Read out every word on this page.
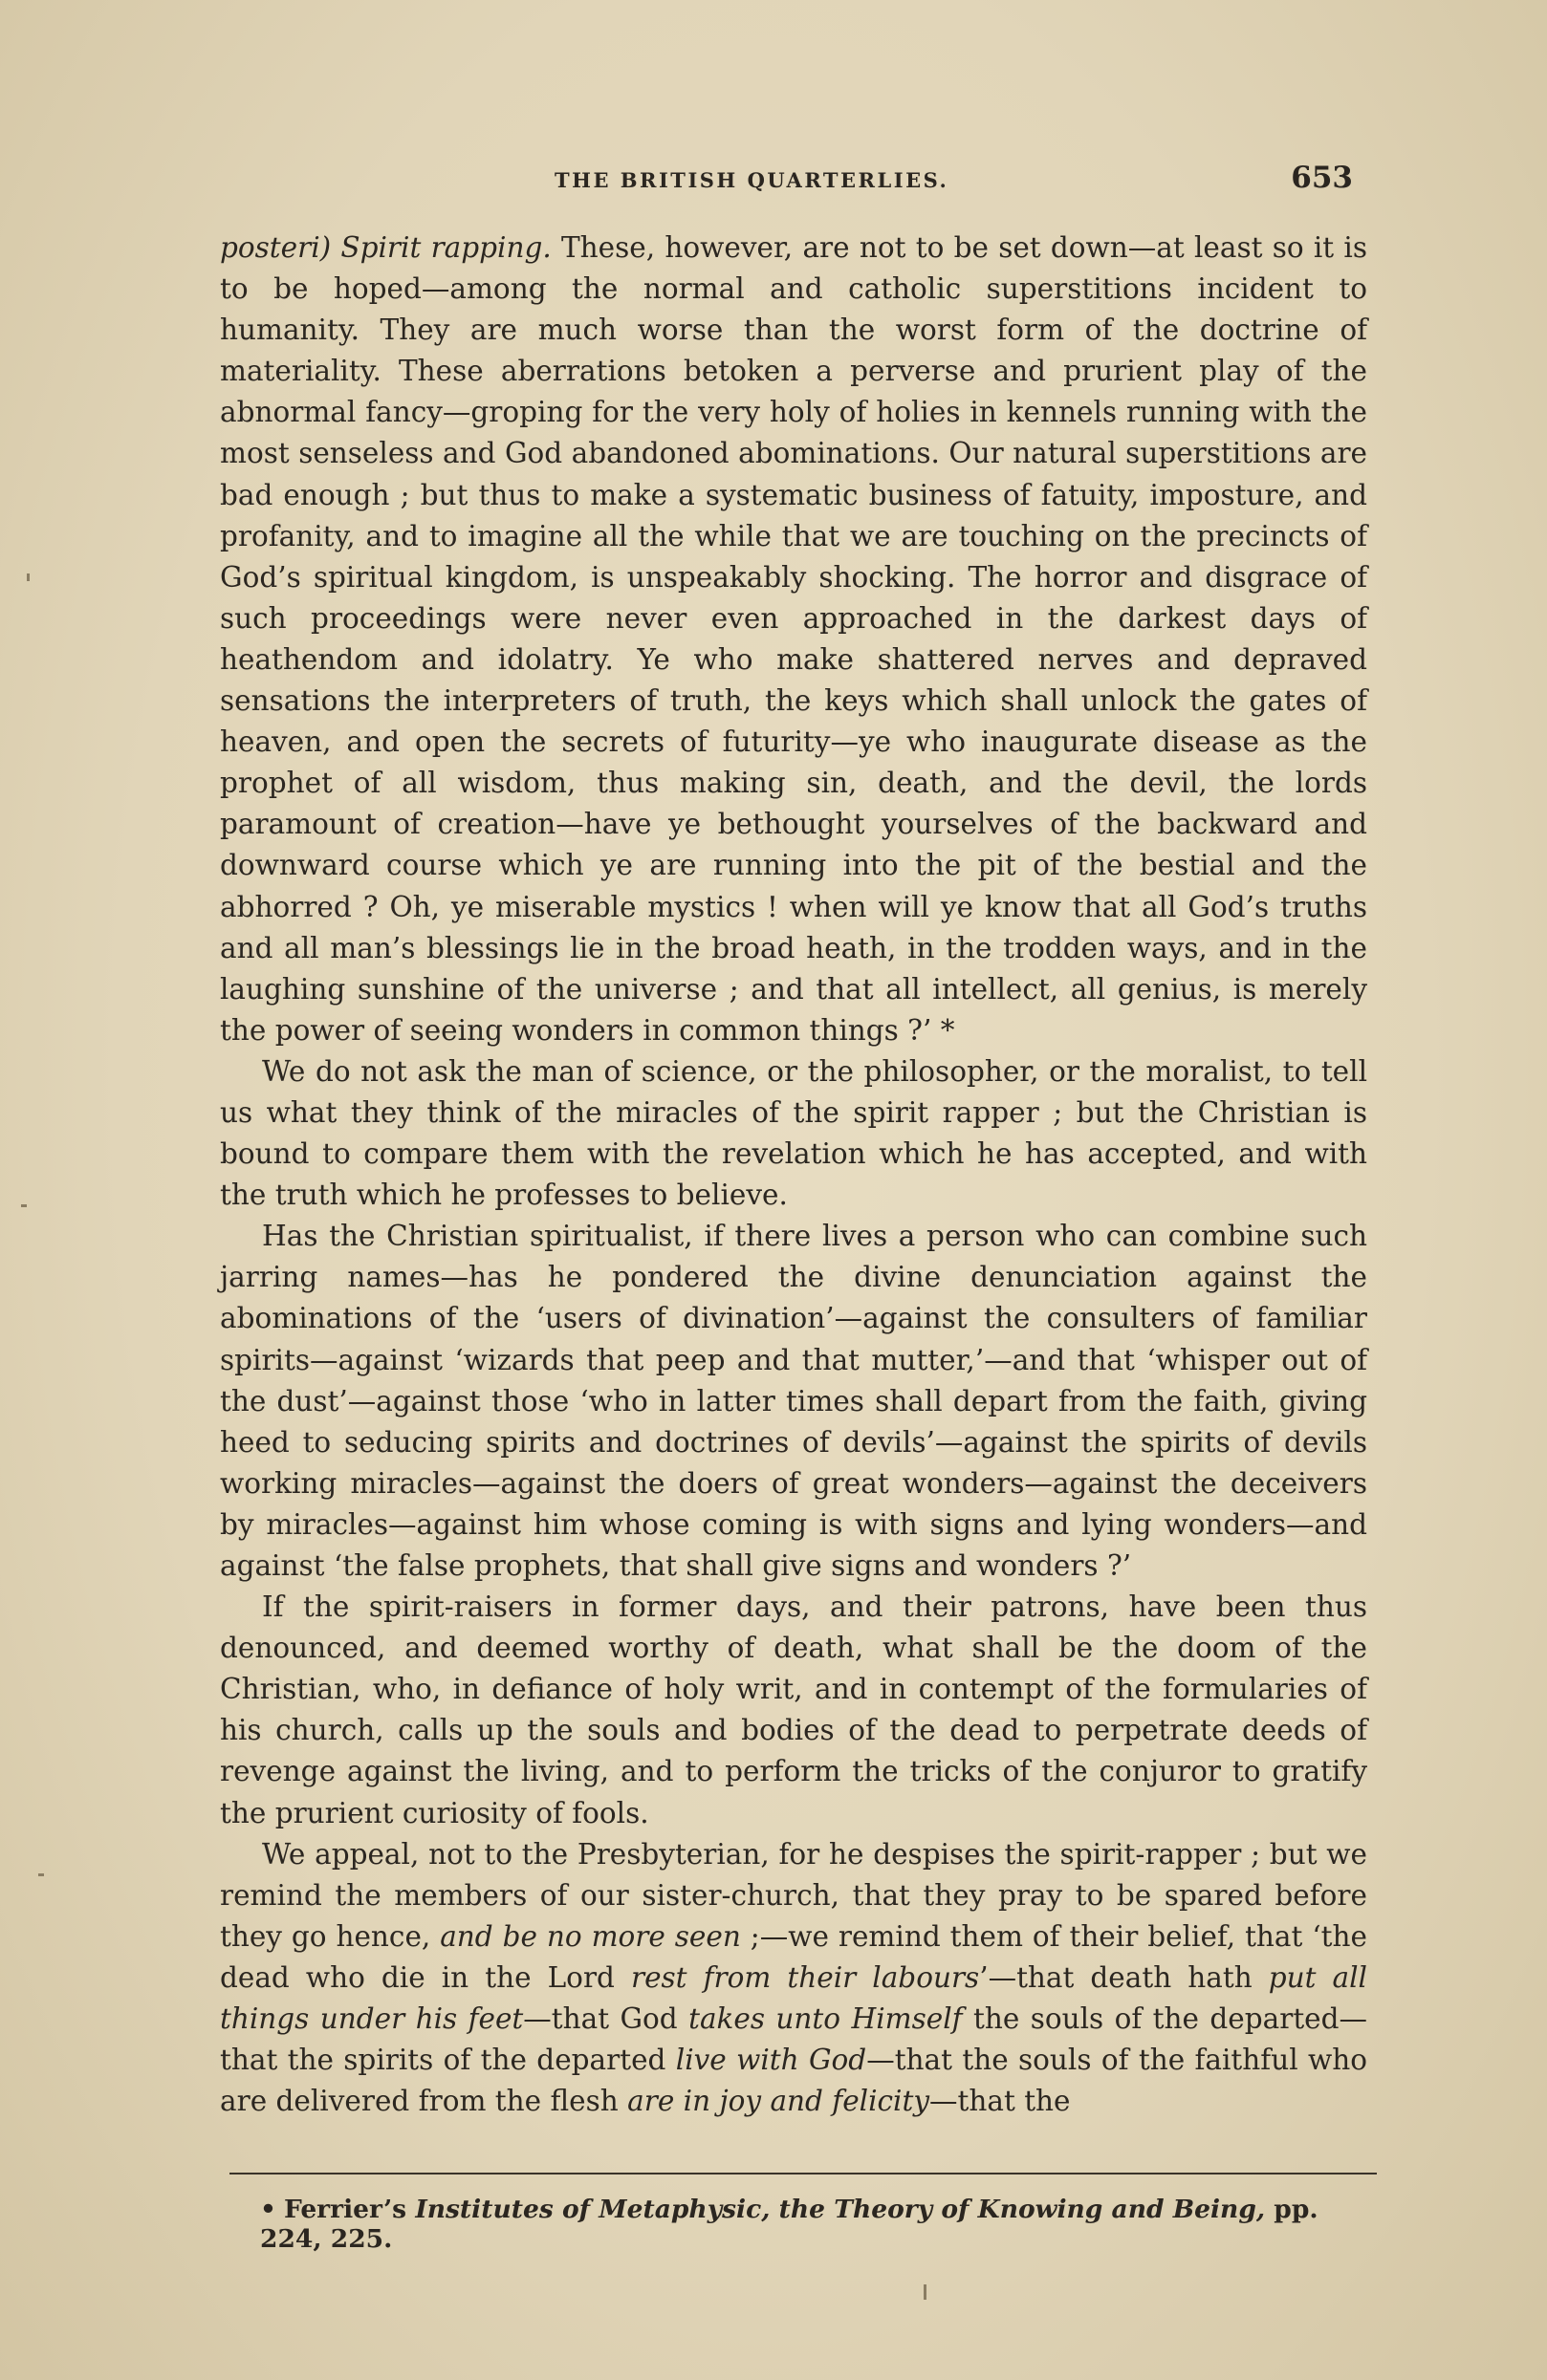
THE BRITISH QUARTERLIES.	653

posteri) Spirit rapping. These, however, are not to be set down—at least so it is to be hoped—among the normal and catholic superstitions incident to humanity. They are much worse than the worst form of the doctrine of materiality. These aberrations betoken a perverse and prurient play of the abnormal fancy—groping for the very holy of holies in kennels running with the most senseless and God abandoned abominations. Our natural superstitions are bad enough ; but thus to make a systematic business of fatuity, imposture, and profanity, and to imagine all the while that we are touching on the precincts of God’s spiritual kingdom, is unspeakably shocking. The horror and disgrace of such proceedings were never even approached in the darkest days of heathendom and idolatry. Ye who make shattered nerves and depraved sensations the interpreters of truth, the keys which shall unlock the gates of heaven, and open the secrets of futurity—ye who inaugurate disease as the prophet of all wisdom, thus making sin, death, and the devil, the lords paramount of creation—have ye bethought yourselves of the backward and downward course which ye are running into the pit of the bestial and the abhorred ? Oh, ye miserable mystics ! when will ye know that all God’s truths and all man’s blessings lie in the broad heath, in the trodden ways, and in the laughing sunshine of the universe ; and that all intellect, all genius, is merely the power of seeing wonders in common things ?’ *

We do not ask the man of science, or the philosopher, or the moralist, to tell us what they think of the miracles of the spirit rapper ; but the Christian is bound to compare them with the revelation which he has accepted, and with the truth which he professes to believe.

Has the Christian spiritualist, if there lives a person who can combine such jarring names—has he pondered the divine denunciation against the abominations of the ‘users of divination’—against the consulters of familiar spirits—against ‘wizards that peep and that mutter,’—and that ‘whisper out of the dust’—against those ‘who in latter times shall depart from the faith, giving heed to seducing spirits and doctrines of devils’—against the spirits of devils working miracles—against the doers of great wonders—against the deceivers by miracles—against him whose coming is with signs and lying wonders—and against ‘the false prophets, that shall give signs and wonders ?’

If the spirit-raisers in former days, and their patrons, have been thus denounced, and deemed worthy of death, what shall be the doom of the Christian, who, in defiance of holy writ, and in contempt of the formularies of his church, calls up the souls and bodies of the dead to perpetrate deeds of revenge against the living, and to perform the tricks of the conjuror to gratify the prurient curiosity of fools.

We appeal, not to the Presbyterian, for he despises the spirit-rapper ; but we remind the members of our sister-church, that they pray to be spared before they go hence, and be no more seen ;—we remind them of their belief, that ‘the dead who die in the Lord rest from their labours’—that death hath put all things under his feet—that God takes unto Himself the souls of the departed—that the spirits of the departed live with God—that the souls of the faithful who are delivered from the flesh are in joy and felicity—that the

• Ferrier’s Institutes of Metaphysic, the Theory of Knowing and Being, pp. 224, 225.
